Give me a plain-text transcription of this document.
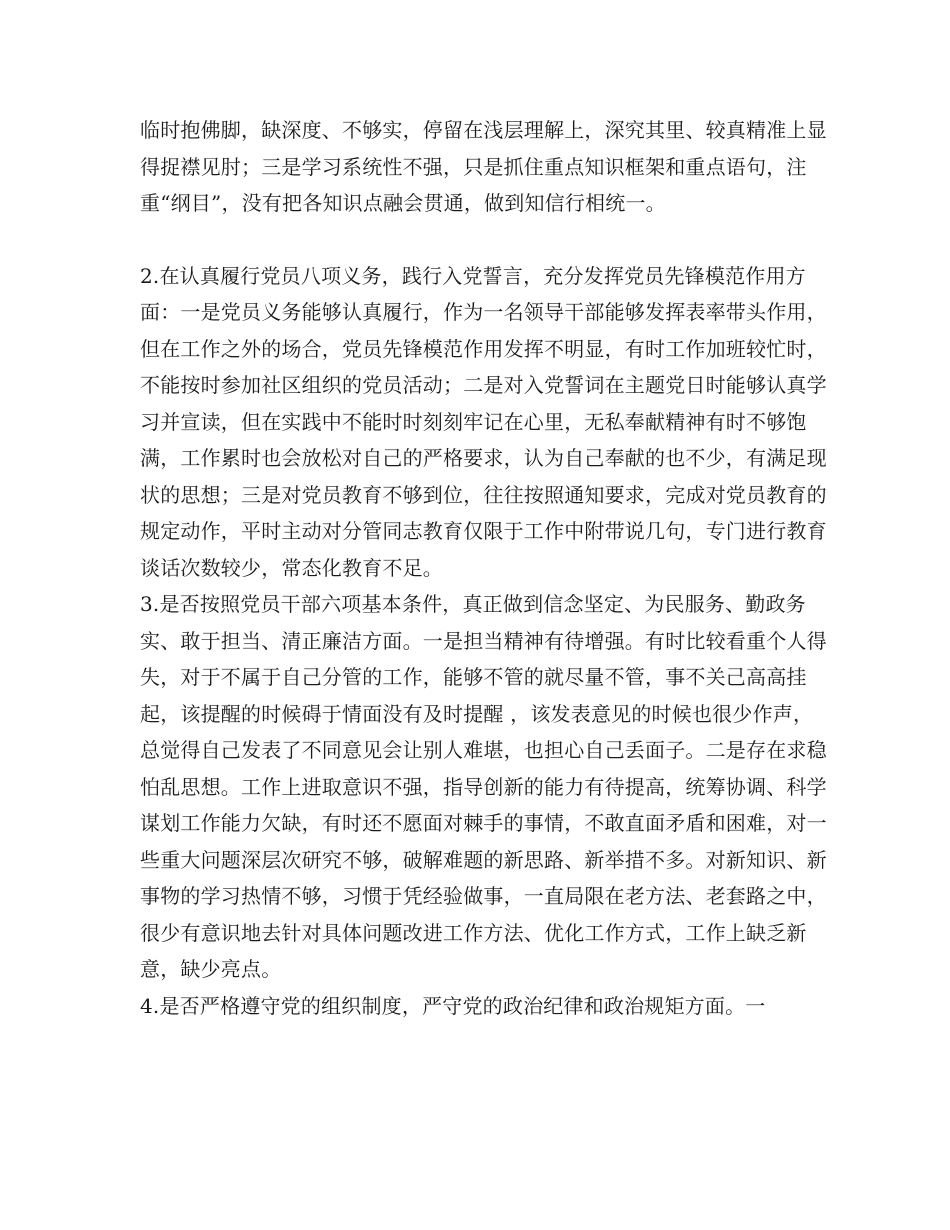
临时抱佛脚，缺深度、不够实，停留在浅层理解上，深究其里、较真精准上显得捉襟见肘；三是学习系统性不强，只是抓住重点知识框架和重点语句，注重“纲目”，没有把各知识点融会贯通，做到知信行相统一。

2.在认真履行党员八项义务，践行入党誓言，充分发挥党员先锋模范作用方面：一是党员义务能够认真履行，作为一名领导干部能够发挥表率带头作用，但在工作之外的场合，党员先锋模范作用发挥不明显，有时工作加班较忙时，不能按时参加社区组织的党员活动；二是对入党誓词在主题党日时能够认真学习并宣读，但在实践中不能时时刻刻牢记在心里，无私奉献精神有时不够饱满，工作累时也会放松对自己的严格要求，认为自己奉献的也不少，有满足现状的思想；三是对党员教育不够到位，往往按照通知要求，完成对党员教育的规定动作，平时主动对分管同志教育仅限于工作中附带说几句，专门进行教育谈话次数较少，常态化教育不足。

3.是否按照党员干部六项基本条件，真正做到信念坚定、为民服务、勤政务实、敢于担当、清正廉洁方面。一是担当精神有待增强。有时比较看重个人得失，对于不属于自己分管的工作，能够不管的就尽量不管，事不关己高高挂起，该提醒的时候碍于情面没有及时提醒 ，该发表意见的时候也很少作声，总觉得自己发表了不同意见会让别人难堪，也担心自己丢面子。二是存在求稳怕乱思想。工作上进取意识不强，指导创新的能力有待提高，统筹协调、科学谋划工作能力欠缺，有时还不愿面对棘手的事情，不敢直面矛盾和困难，对一些重大问题深层次研究不够，破解难题的新思路、新举措不多。对新知识、新事物的学习热情不够，习惯于凭经验做事，一直局限在老方法、老套路之中，很少有意识地去针对具体问题改进工作方法、优化工作方式，工作上缺乏新意，缺少亮点。

4.是否严格遵守党的组织制度，严守党的政治纪律和政治规矩方面。一
